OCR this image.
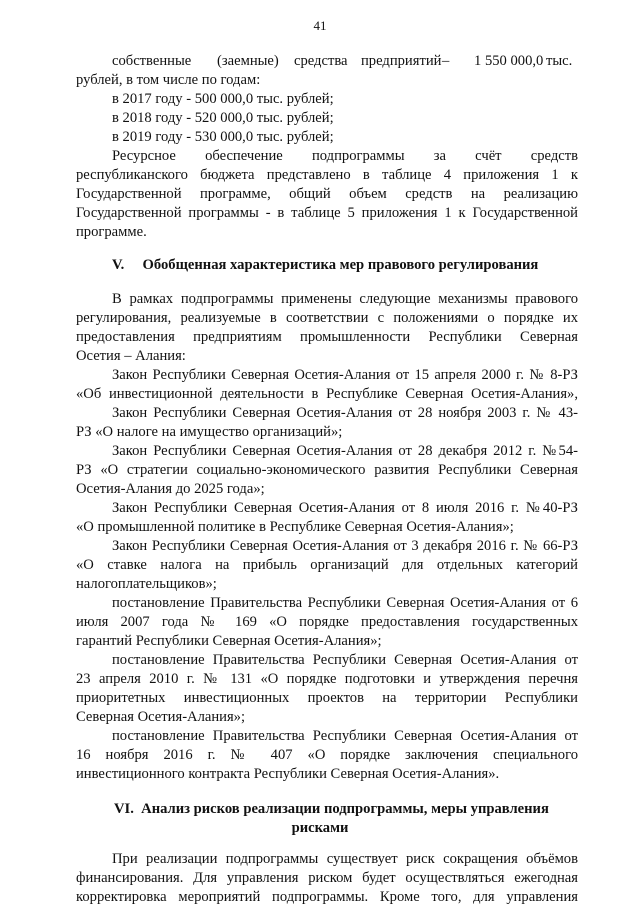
41
собственные (заемные) средства предприятий – 1 550 000,0 тыс.
рублей, в том числе по годам:
в 2017 году - 500 000,0 тыс. рублей;
в 2018 году - 520 000,0 тыс. рублей;
в 2019 году - 530 000,0 тыс. рублей;
Ресурсное обеспечение подпрограммы за счёт средств
республиканского бюджета представлено в таблице 4 приложения 1 к
Государственной программе, общий объем средств на реализацию
Государственной программы - в таблице 5 приложения 1 к Государственной
программе.
V.     Обобщенная характеристика мер правового регулирования
В рамках подпрограммы применены следующие механизмы правового
регулирования, реализуемые в соответствии с положениями о порядке их
предоставления предприятиям промышленности Республики Северная
Осетия – Алания:
Закон Республики Северная Осетия-Алания от 15 апреля 2000 г. № 8-РЗ
«Об инвестиционной деятельности в Республике Северная Осетия-Алания»,
Закон Республики Северная Осетия-Алания от 28 ноября 2003 г. № 43-
РЗ «О налоге на имущество организаций»;
Закон Республики Северная Осетия-Алания от 28 декабря 2012 г. №54-
РЗ «О стратегии социально-экономического развития Республики Северная
Осетия-Алания до 2025 года»;
Закон Республики Северная Осетия-Алания от 8 июля 2016 г. №40-РЗ
«О промышленной политике в Республике Северная Осетия-Алания»;
Закон Республики Северная Осетия-Алания от 3 декабря 2016 г. № 66-РЗ
«О ставке налога на прибыль организаций для отдельных категорий
налогоплательщиков»;
постановление Правительства Республики Северная Осетия-Алания от 6
июля 2007 года № 169 «О порядке предоставления государственных
гарантий Республики Северная Осетия-Алания»;
постановление Правительства Республики Северная Осетия-Алания от
23 апреля 2010 г. № 131 «О порядке подготовки и утверждения перечня
приоритетных инвестиционных проектов на территории Республики
Северная Осетия-Алания»;
постановление Правительства Республики Северная Осетия-Алания от
16 ноября 2016 г. № 407 «О порядке заключения специального
инвестиционного контракта Республики Северная Осетия-Алания».
VI.  Анализ рисков реализации подпрограммы, меры управления
рисками
При реализации подпрограммы существует риск сокращения объёмов
финансирования. Для управления риском будет осуществляться ежегодная
корректировка мероприятий подпрограммы. Кроме того, для управления
